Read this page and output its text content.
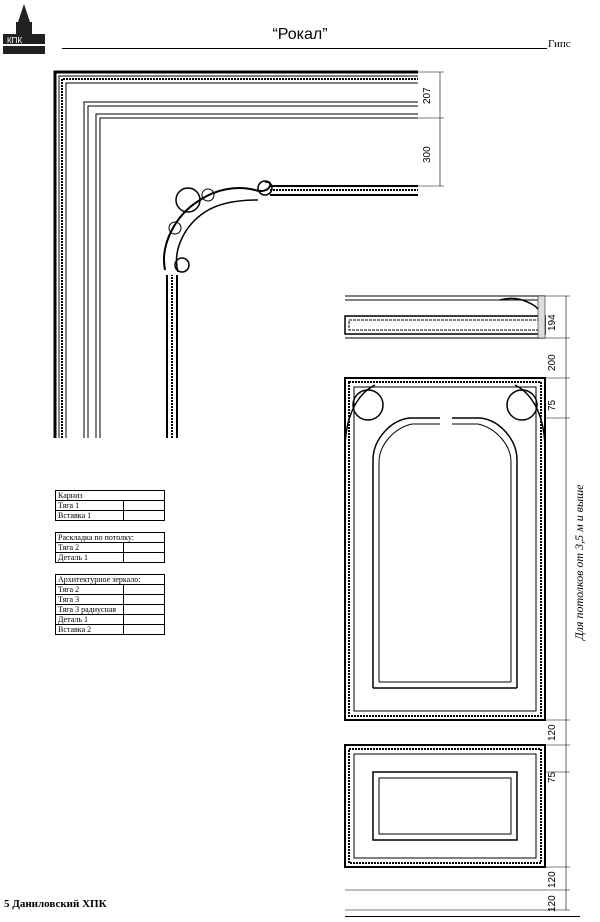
КПК	“Рокал”
Гипс
207
300
194
200
75
120
75
120
120
Для потолков от 3,5 м и выше
Карниз	
Тяга 1	
Вставка 1	
Раскладка по потолку:	
Тяга 2	
Деталь 1	
Архитектурное зеркало:	
Тяга 2	
Тяга 3	
Тяга 3 радиусная	
Деталь 1	
Вставка 2	
5 Даниловский ХПК
